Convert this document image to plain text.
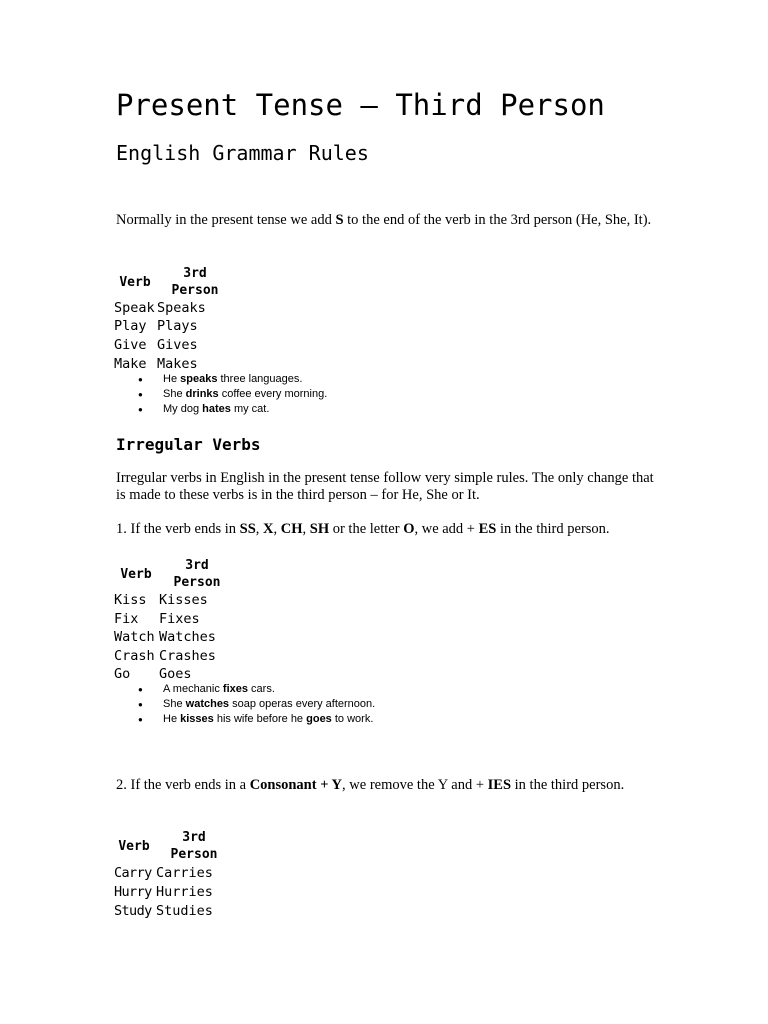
Present Tense – Third Person
English Grammar Rules
Normally in the present tense we add S to the end of the verb in the 3rd person (He, She, It).
Verb
3rd
Person
Speak Speaks
Play Plays
Give Gives
Make Makes
● He speaks three languages.
● She drinks coffee every morning.
● My dog hates my cat.
Irregular Verbs
Irregular verbs in English in the present tense follow very simple rules. The only change that is made to these verbs is in the third person – for He, She or It.
1. If the verb ends in SS, X, CH, SH or the letter O, we add + ES in the third person.
Verb
3rd
Person
Kiss Kisses
Fix Fixes
Watch Watches
Crash Crashes
Go Goes
● A mechanic fixes cars.
● She watches soap operas every afternoon.
● He kisses his wife before he goes to work.
2. If the verb ends in a Consonant + Y, we remove the Y and + IES in the third person.
Verb
3rd
Person
Carry Carries
Hurry Hurries
Study Studies
